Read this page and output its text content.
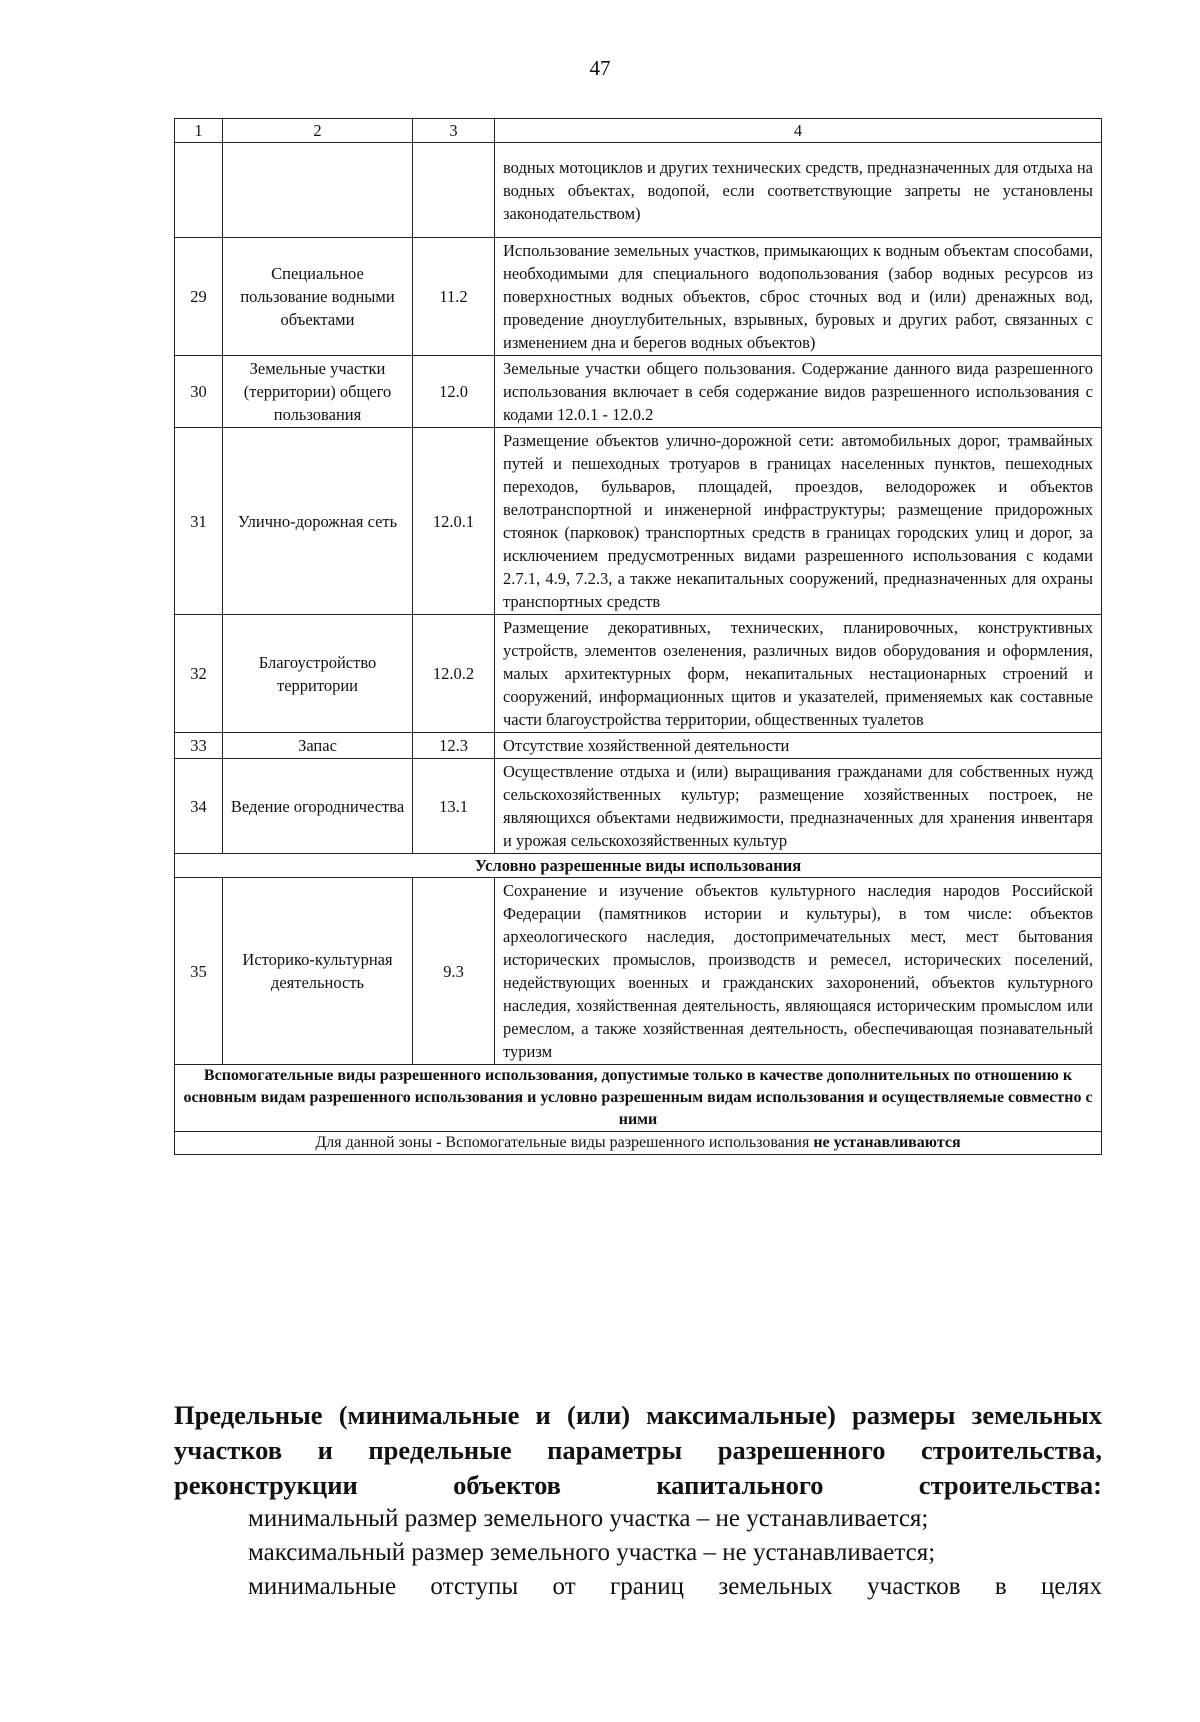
47
1	2	3	4
			водных мотоциклов и других технических средств, предназначенных для отдыха на водных объектах, водопой, если соответствующие запреты не установлены законодательством)
29	Специальное пользование водными объектами	11.2	Использование земельных участков, примыкающих к водным объектам способами, необходимыми для специального водопользования (забор водных ресурсов из поверхностных водных объектов, сброс сточных вод и (или) дренажных вод, проведение дноуглубительных, взрывных, буровых и других работ, связанных с изменением дна и берегов водных объектов)
30	Земельные участки (территории) общего пользования	12.0	Земельные участки общего пользования. Содержание данного вида разрешенного использования включает в себя содержание видов разрешенного использования с кодами 12.0.1 - 12.0.2
31	Улично-дорожная сеть	12.0.1	Размещение объектов улично-дорожной сети: автомобильных дорог, трамвайных путей и пешеходных тротуаров в границах населенных пунктов, пешеходных переходов, бульваров, площадей, проездов, велодорожек и объектов велотранспортной и инженерной инфраструктуры; размещение придорожных стоянок (парковок) транспортных средств в границах городских улиц и дорог, за исключением предусмотренных видами разрешенного использования с кодами 2.7.1, 4.9, 7.2.3, а также некапитальных сооружений, предназначенных для охраны транспортных средств
32	Благоустройство территории	12.0.2	Размещение декоративных, технических, планировочных, конструктивных устройств, элементов озеленения, различных видов оборудования и оформления, малых архитектурных форм, некапитальных нестационарных строений и сооружений, информационных щитов и указателей, применяемых как составные части благоустройства территории, общественных туалетов
33	Запас	12.3	Отсутствие хозяйственной деятельности
34	Ведение огородничества	13.1	Осуществление отдыха и (или) выращивания гражданами для собственных нужд сельскохозяйственных культур; размещение хозяйственных построек, не являющихся объектами недвижимости, предназначенных для хранения инвентаря и урожая сельскохозяйственных культур
Условно разрешенные виды использования			
35	Историко-культурная деятельность	9.3	Сохранение и изучение объектов культурного наследия народов Российской Федерации (памятников истории и культуры), в том числе: объектов археологического наследия, достопримечательных мест, мест бытования исторических промыслов, производств и ремесел, исторических поселений, недействующих военных и гражданских захоронений, объектов культурного наследия, хозяйственная деятельность, являющаяся историческим промыслом или ремеслом, а также хозяйственная деятельность, обеспечивающая познавательный туризм
Вспомогательные виды разрешенного использования, допустимые только в качестве дополнительных по отношению к основным видам разрешенного использования и условно разрешенным видам использования и осуществляемые совместно с ними			
Для данной зоны - Вспомогательные виды разрешенного использования не устанавливаются			
Предельные (минимальные и (или) максимальные) размеры земельных участков и предельные параметры разрешенного строительства, реконструкции объектов капитального строительства:
минимальный размер земельного участка – не устанавливается;
максимальный размер земельного участка – не устанавливается;
минимальные отступы от границ земельных участков в целях
